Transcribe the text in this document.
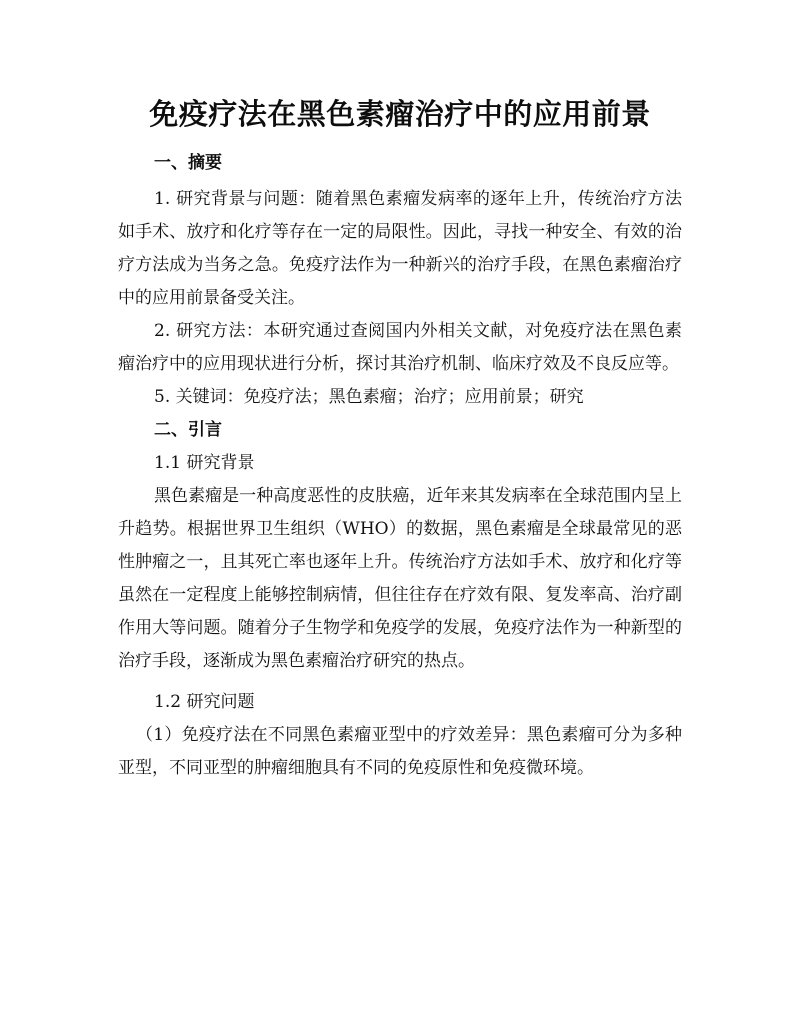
免疫疗法在黑色素瘤治疗中的应用前景

一、摘要

1. 研究背景与问题：随着黑色素瘤发病率的逐年上升，传统治疗方法如手术、放疗和化疗等存在一定的局限性。因此，寻找一种安全、有效的治疗方法成为当务之急。免疫疗法作为一种新兴的治疗手段，在黑色素瘤治疗中的应用前景备受关注。

2. 研究方法：本研究通过查阅国内外相关文献，对免疫疗法在黑色素瘤治疗中的应用现状进行分析，探讨其治疗机制、临床疗效及不良反应等。

5. 关键词：免疫疗法；黑色素瘤；治疗；应用前景；研究

二、引言

1.1 研究背景

黑色素瘤是一种高度恶性的皮肤癌，近年来其发病率在全球范围内呈上升趋势。根据世界卫生组织（WHO）的数据，黑色素瘤是全球最常见的恶性肿瘤之一，且其死亡率也逐年上升。传统治疗方法如手术、放疗和化疗等虽然在一定程度上能够控制病情，但往往存在疗效有限、复发率高、治疗副作用大等问题。随着分子生物学和免疫学的发展，免疫疗法作为一种新型的治疗手段，逐渐成为黑色素瘤治疗研究的热点。

1.2 研究问题

（1）免疫疗法在不同黑色素瘤亚型中的疗效差异：黑色素瘤可分为多种亚型，不同亚型的肿瘤细胞具有不同的免疫原性和免疫微环境。
